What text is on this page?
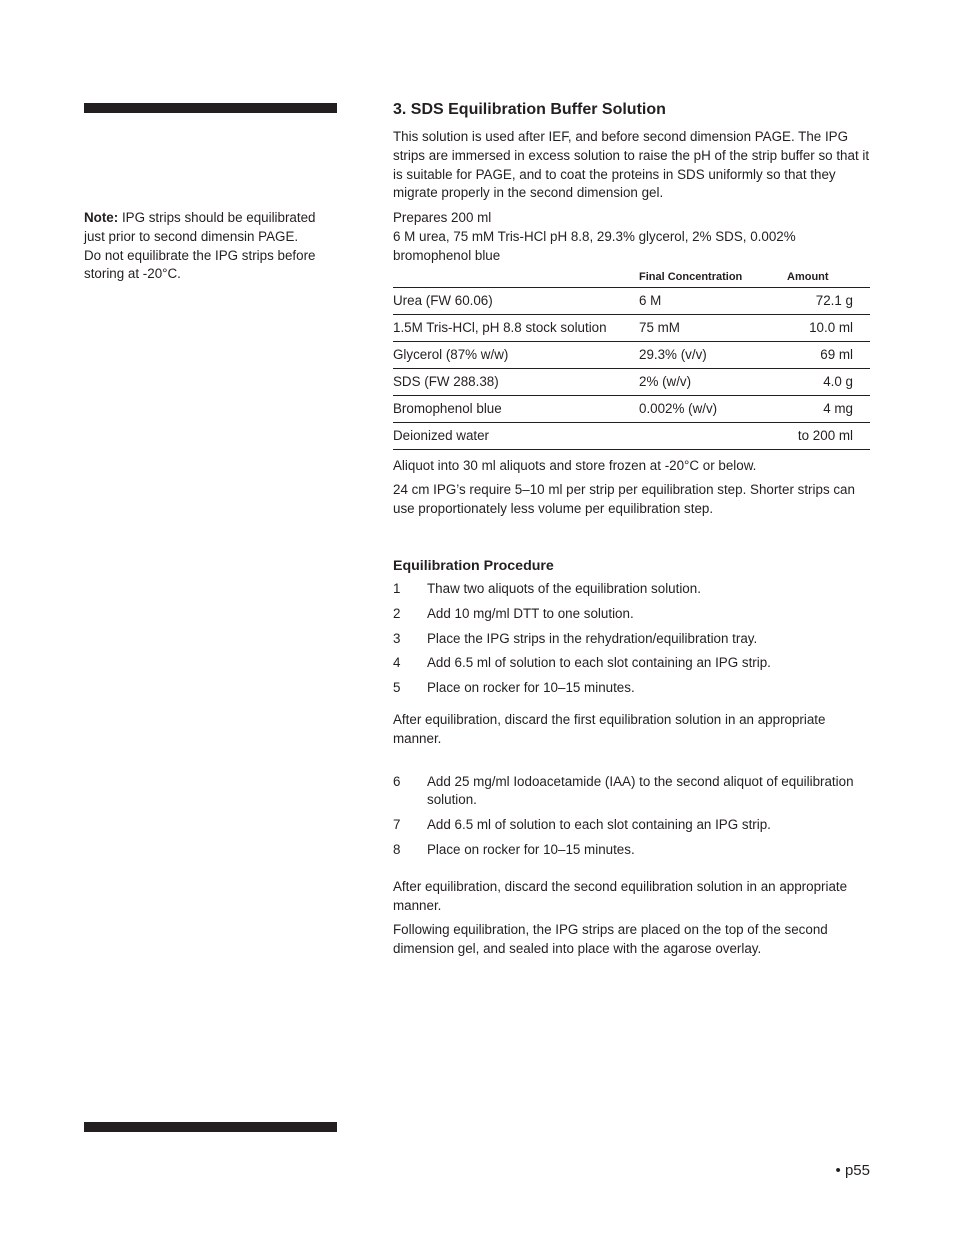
Note: IPG strips should be equilibrated just prior to second dimensin PAGE. Do not equilibrate the IPG strips before storing at -20°C.
3. SDS Equilibration Buffer Solution

This solution is used after IEF, and before second dimension PAGE. The IPG strips are immersed in excess solution to raise the pH of the strip buffer so that it is suitable for PAGE, and to coat the proteins in SDS uniformly so that they migrate properly in the second dimension gel.

Prepares 200 ml

6 M urea, 75 mM Tris-HCl pH 8.8, 29.3% glycerol, 2% SDS, 0.002% bromophenol blue

	Final Concentration	Amount
Urea (FW 60.06)	6 M	72.1 g
1.5M Tris-HCl, pH 8.8 stock solution	75 mM	10.0 ml
Glycerol (87% w/w)	29.3% (v/v)	69 ml
SDS (FW 288.38)	2% (w/v)	4.0 g
Bromophenol blue	0.002% (w/v)	4 mg
Deionized water		to 200 ml

Aliquot into 30 ml aliquots and store frozen at -20°C or below.

24 cm IPG’s require 5–10 ml per strip per equilibration step. Shorter strips can use proportionately less volume per equilibration step.

Equilibration Procedure
1	Thaw two aliquots of the equilibration solution.
2	Add 10 mg/ml DTT to one solution.
3	Place the IPG strips in the rehydration/equilibration tray.
4	Add 6.5 ml of solution to each slot containing an IPG strip.
5	Place on rocker for 10–15 minutes.

After equilibration, discard the first equilibration solution in an appropriate manner.

6	Add 25 mg/ml Iodoacetamide (IAA) to the second aliquot of equilibration solution.
7	Add 6.5 ml of solution to each slot containing an IPG strip.
8	Place on rocker for 10–15 minutes.

After equilibration, discard the second equilibration solution in an appropriate manner.

Following equilibration, the IPG strips are placed on the top of the second dimension gel, and sealed into place with the agarose overlay.

• p55
